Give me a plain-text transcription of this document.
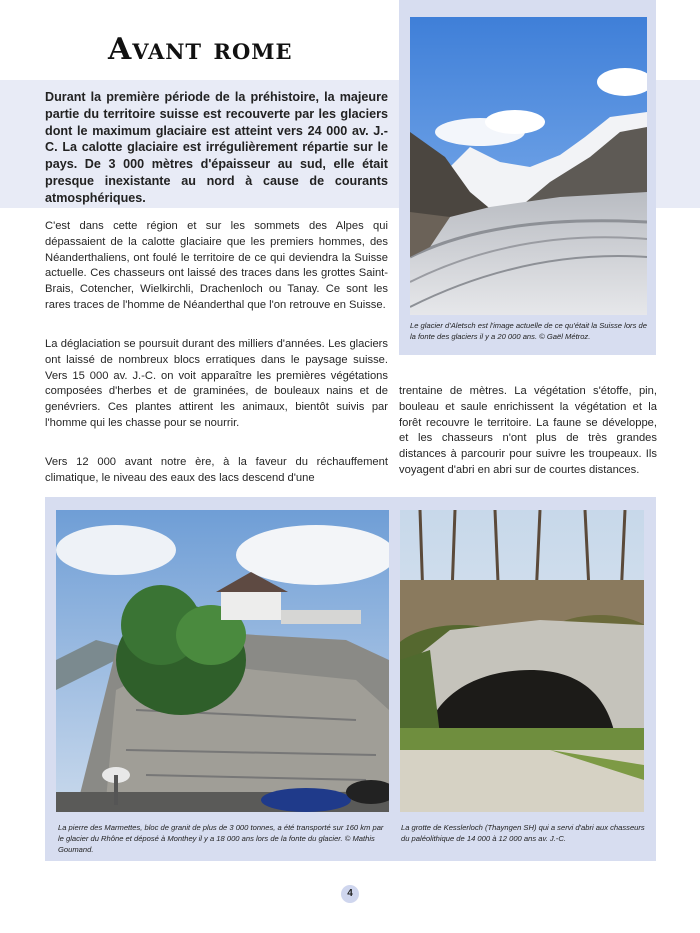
Avant rome

Durant la première période de la préhistoire, la majeure partie du territoire suisse est recouverte par les glaciers dont le maximum glaciaire est atteint vers 24 000 av. J.-C. La calotte glaciaire est irrégulièrement répartie sur le pays. De 3 000 mètres d'épaisseur au sud, elle était presque inexistante au nord à cause de courants atmosphériques.

C'est dans cette région et sur les sommets des Alpes qui dépassaient de la calotte glaciaire que les premiers hommes, des Néanderthaliens, ont foulé le territoire de ce qui deviendra la Suisse actuelle. Ces chasseurs ont laissé des traces dans les grottes Saint-Brais, Cotencher, Wielkirchli, Drachenloch ou Tanay. Ce sont les rares traces de l'homme de Néanderthal que l'on retrouve en Suisse.

La déglaciation se poursuit durant des milliers d'années. Les glaciers ont laissé de nombreux blocs erratiques dans le paysage suisse. Vers 15 000 av. J.-C. on voit apparaître les premières végétations composées d'herbes et de graminées, de bouleaux nains et de genévriers. Ces plantes attirent les animaux, bientôt suivis par l'homme qui les chasse pour se nourrir.

Vers 12 000 avant notre ère, à la faveur du réchauffement climatique, le niveau des eaux des lacs descend d'une

trentaine de mètres. La végétation s'étoffe, pin, bouleau et saule enrichissent la végétation et la forêt recouvre le territoire. La faune se développe, et les chasseurs n'ont plus de très grandes distances à parcourir pour suivre les troupeaux. Ils voyagent d'abri en abri sur de courtes distances.

Le glacier d'Aletsch est l'image actuelle de ce qu'était la Suisse lors de la fonte des glaciers il y a 20 000 ans. © Gaël Métroz.

La pierre des Marmettes, bloc de granit de plus de 3 000 tonnes, a été transporté sur 160 km par le glacier du Rhône et déposé à Monthey il y a 18 000 ans lors de la fonte du glacier. © Mathis Goumand.

La grotte de Kesslerloch (Thayngen SH) qui a servi d'abri aux chasseurs du paléolithique de 14 000 à 12 000 ans av. J.-C.

4
